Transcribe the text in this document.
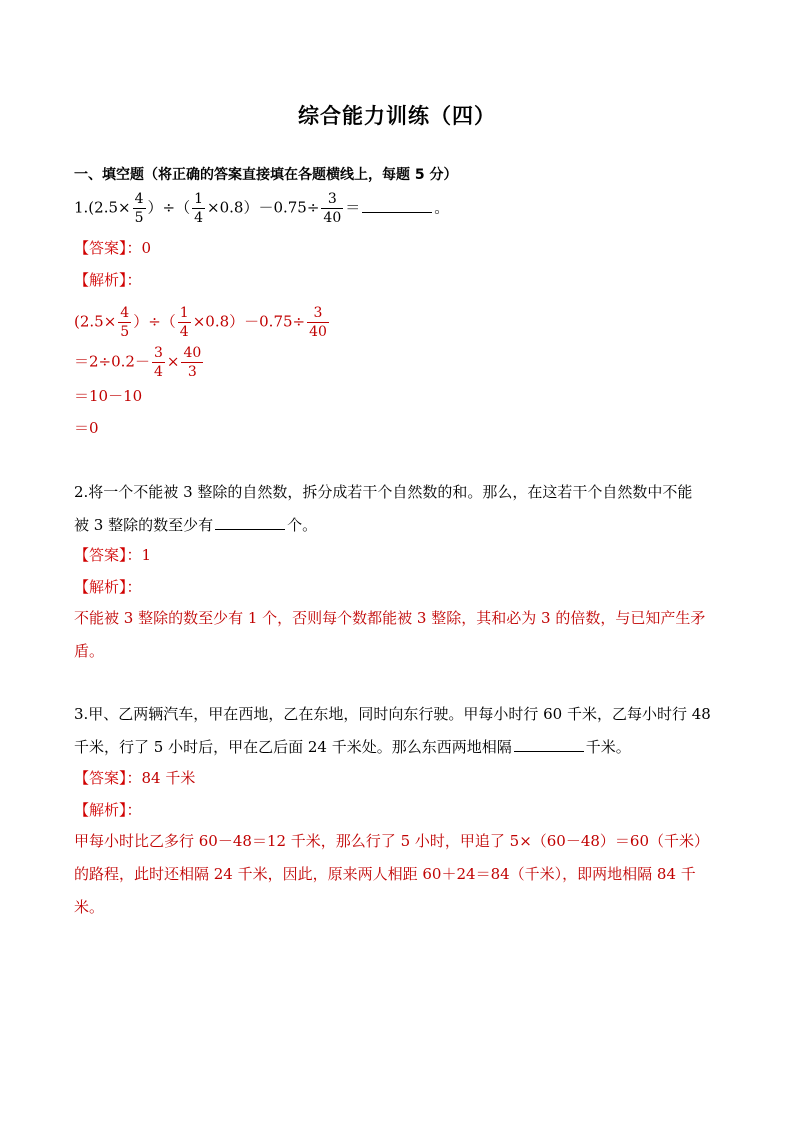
综合能力训练（四）
一、填空题（将正确的答案直接填在各题横线上，每题 5 分）
$1.(2.5\times \frac{4}{5}$ ）÷（ $\frac{1}{4} \times 0.8)-0.75\div \frac{3}{40}$ ＝	。
【答案】：0
【解析】：
($2.5\times \frac{4}{5}$ ）÷（ $\frac{1}{4} \times 0.8)-0.75\div \frac{3}{40}$
$=2\div 0.2- \frac{3}{4} \times \frac{40}{3}$
＝10－10
＝0
2.将一个不能被 3 整除的自然数，拆分成若干个自然数的和。那么，在这若干个自然数中不能
被 3 整除的数至少有	个。
【答案】：1
【解析】：
不能被 3 整除的数至少有 1 个，否则每个数都能被 3 整除，其和必为 3 的倍数，与已知产生矛盾。
3.甲、乙两辆汽车，甲在西地，乙在东地，同时向东行驶。甲每小时行 60 千米，乙每小时行 48
千米，行了 5 小时后，甲在乙后面 24 千米处。那么东西两地相隔	千米。
【答案】：84 千米
【解析】：
甲每小时比乙多行 60－48＝12 千米，那么行了 5 小时，甲追了 5×（60－48）＝60（千米）的路程，此时还相隔 24 千米，因此，原来两人相距 60＋24＝84（千米），即两地相隔 84 千米。
